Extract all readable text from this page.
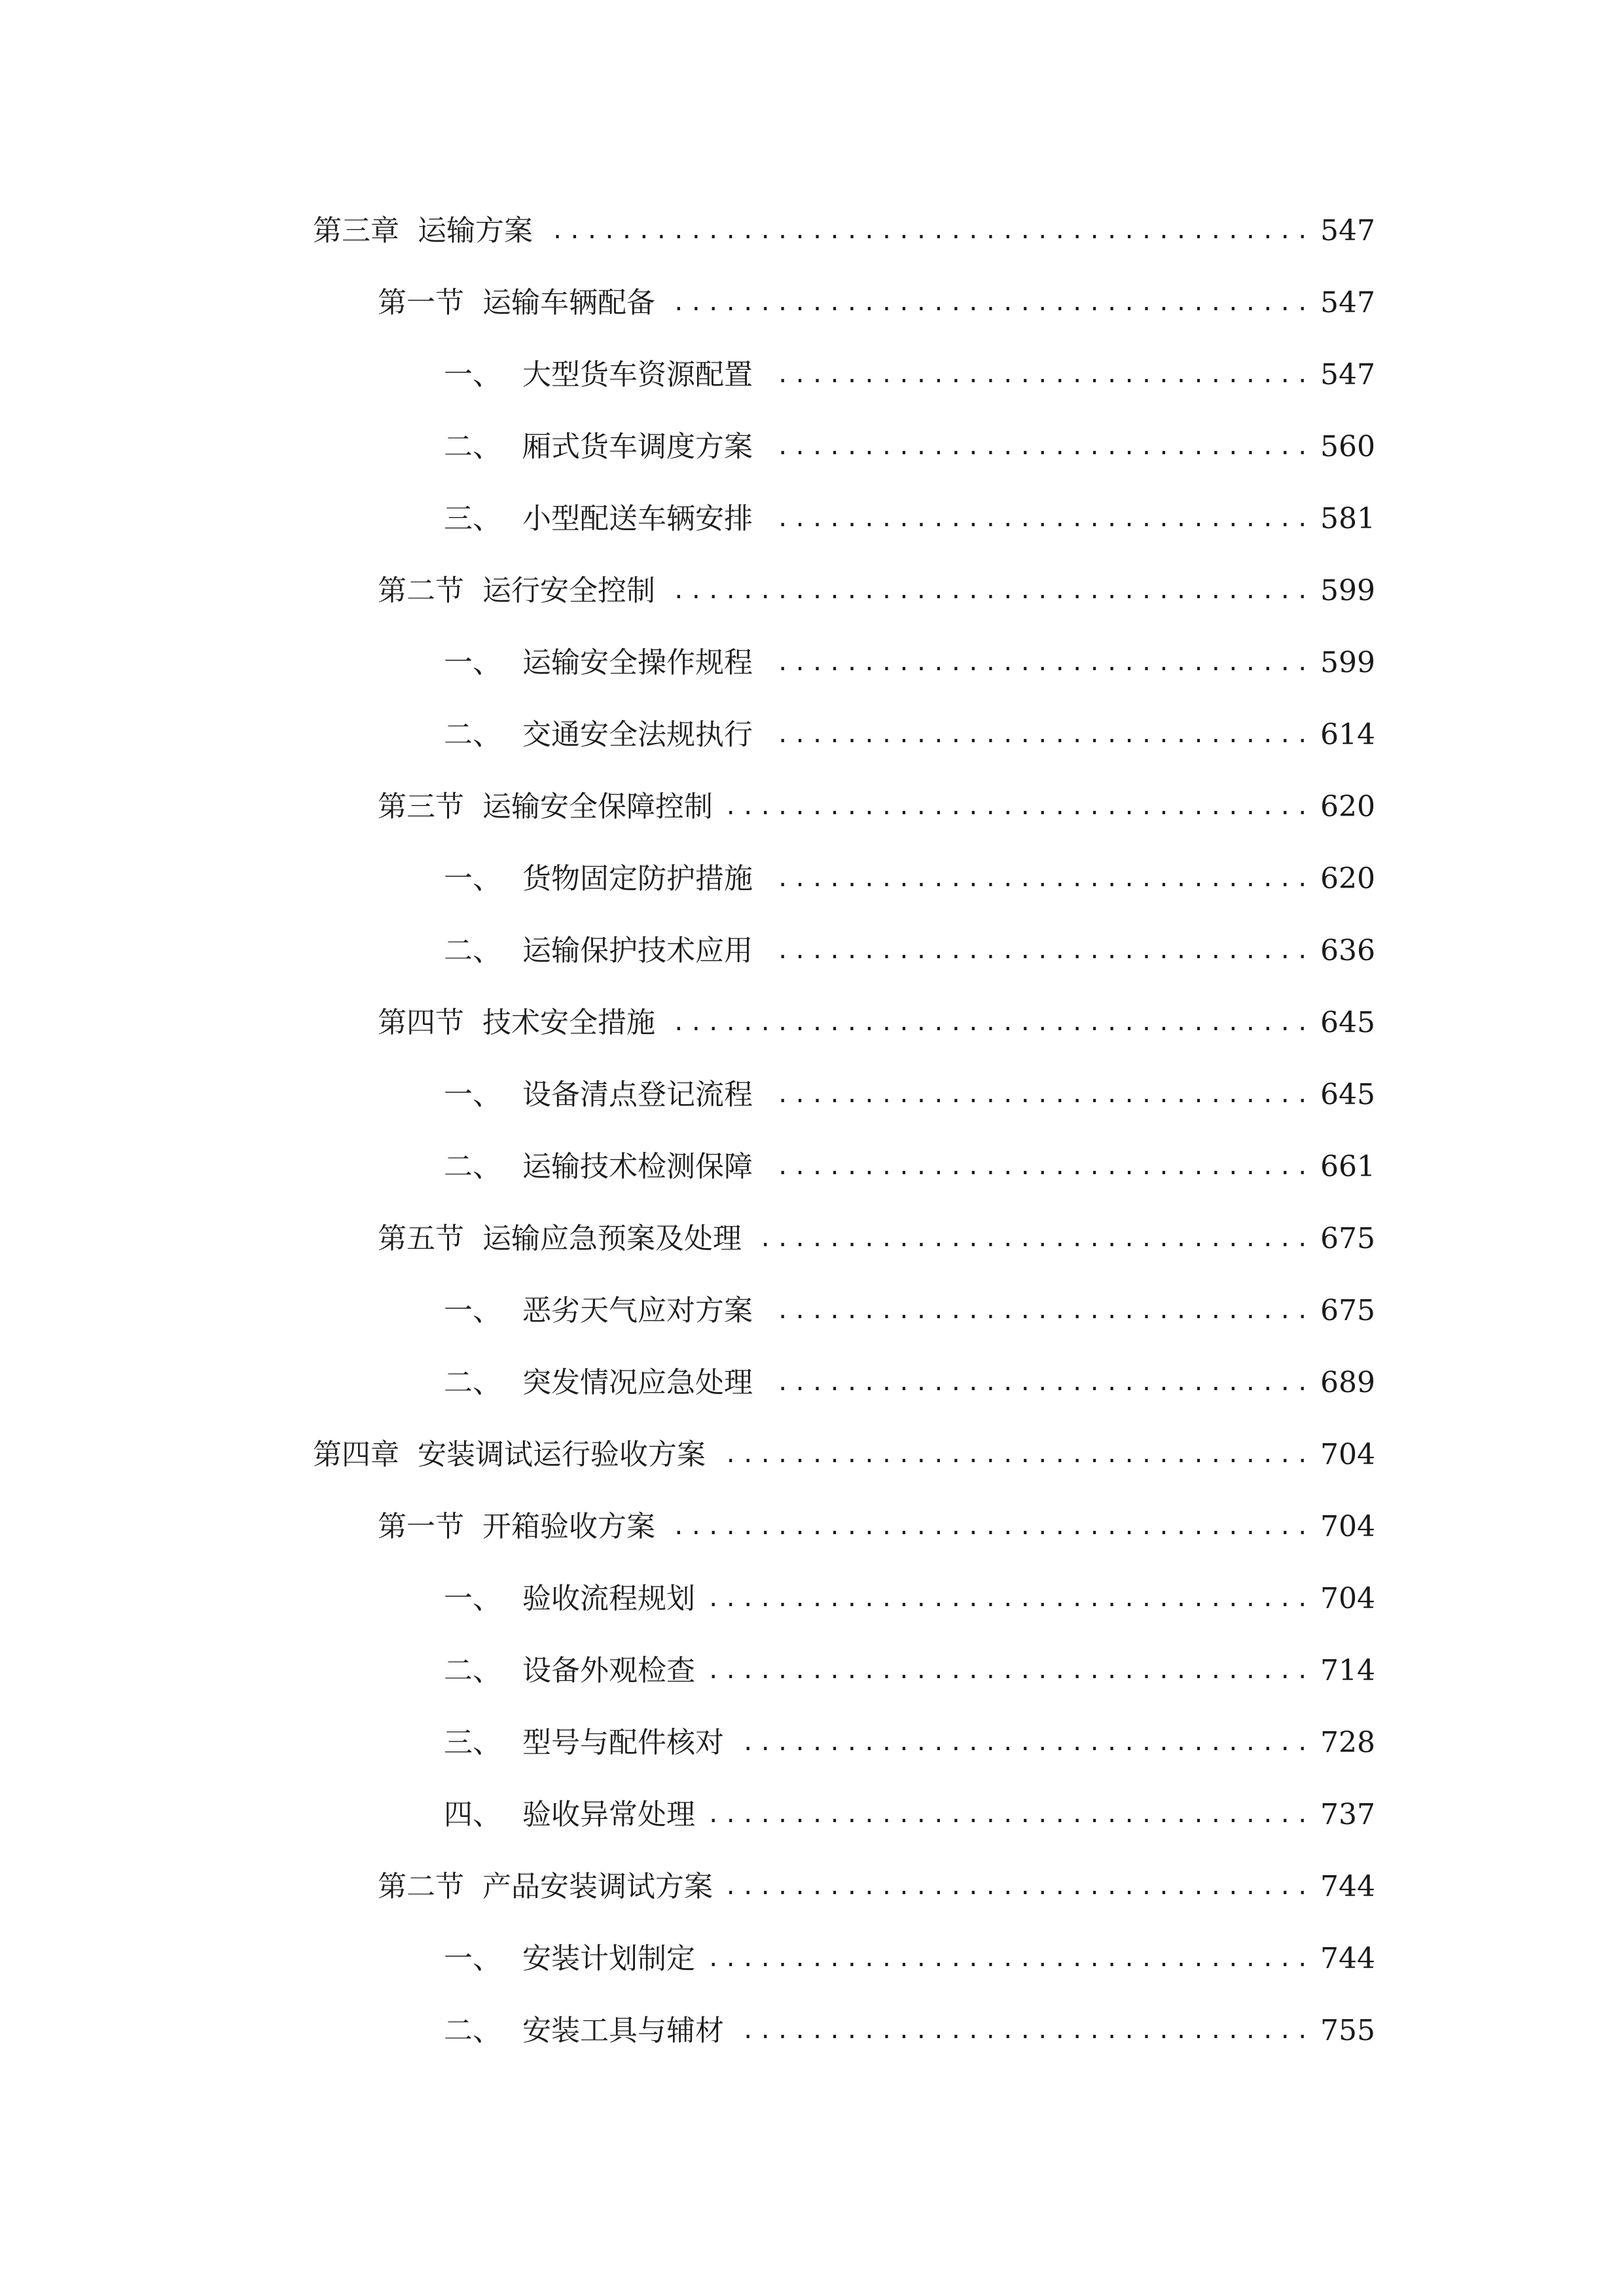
............................................
第三章 运输方案	547
.....................................
第一节 运输车辆配备	547
...............................
一、 大型货车资源配置	547
...............................
二、 厢式货车调度方案	560
...............................
三、 小型配送车辆安排	581
.....................................
第二节 运行安全控制	599
...............................
一、 运输安全操作规程	599
...............................
二、 交通安全法规执行	614
..................................
第三节 运输安全保障控制	620
...............................
一、 货物固定防护措施	620
...............................
二、 运输保护技术应用	636
.....................................
第四节 技术安全措施	645
...............................
一、 设备清点登记流程	645
...............................
二、 运输技术检测保障	661
................................
第五节 运输应急预案及处理	675
...............................
一、 恶劣天气应对方案	675
...............................
二、 突发情况应急处理	689
..................................
第四章 安装调试运行验收方案	704
.....................................
第一节 开箱验收方案	704
...................................
一、 验收流程规划	704
...................................
二、 设备外观检查	714
.................................
三、 型号与配件核对	728
...................................
四、 验收异常处理	737
..................................
第二节 产品安装调试方案	744
...................................
一、 安装计划制定	744
.................................
二、 安装工具与辅材	755
